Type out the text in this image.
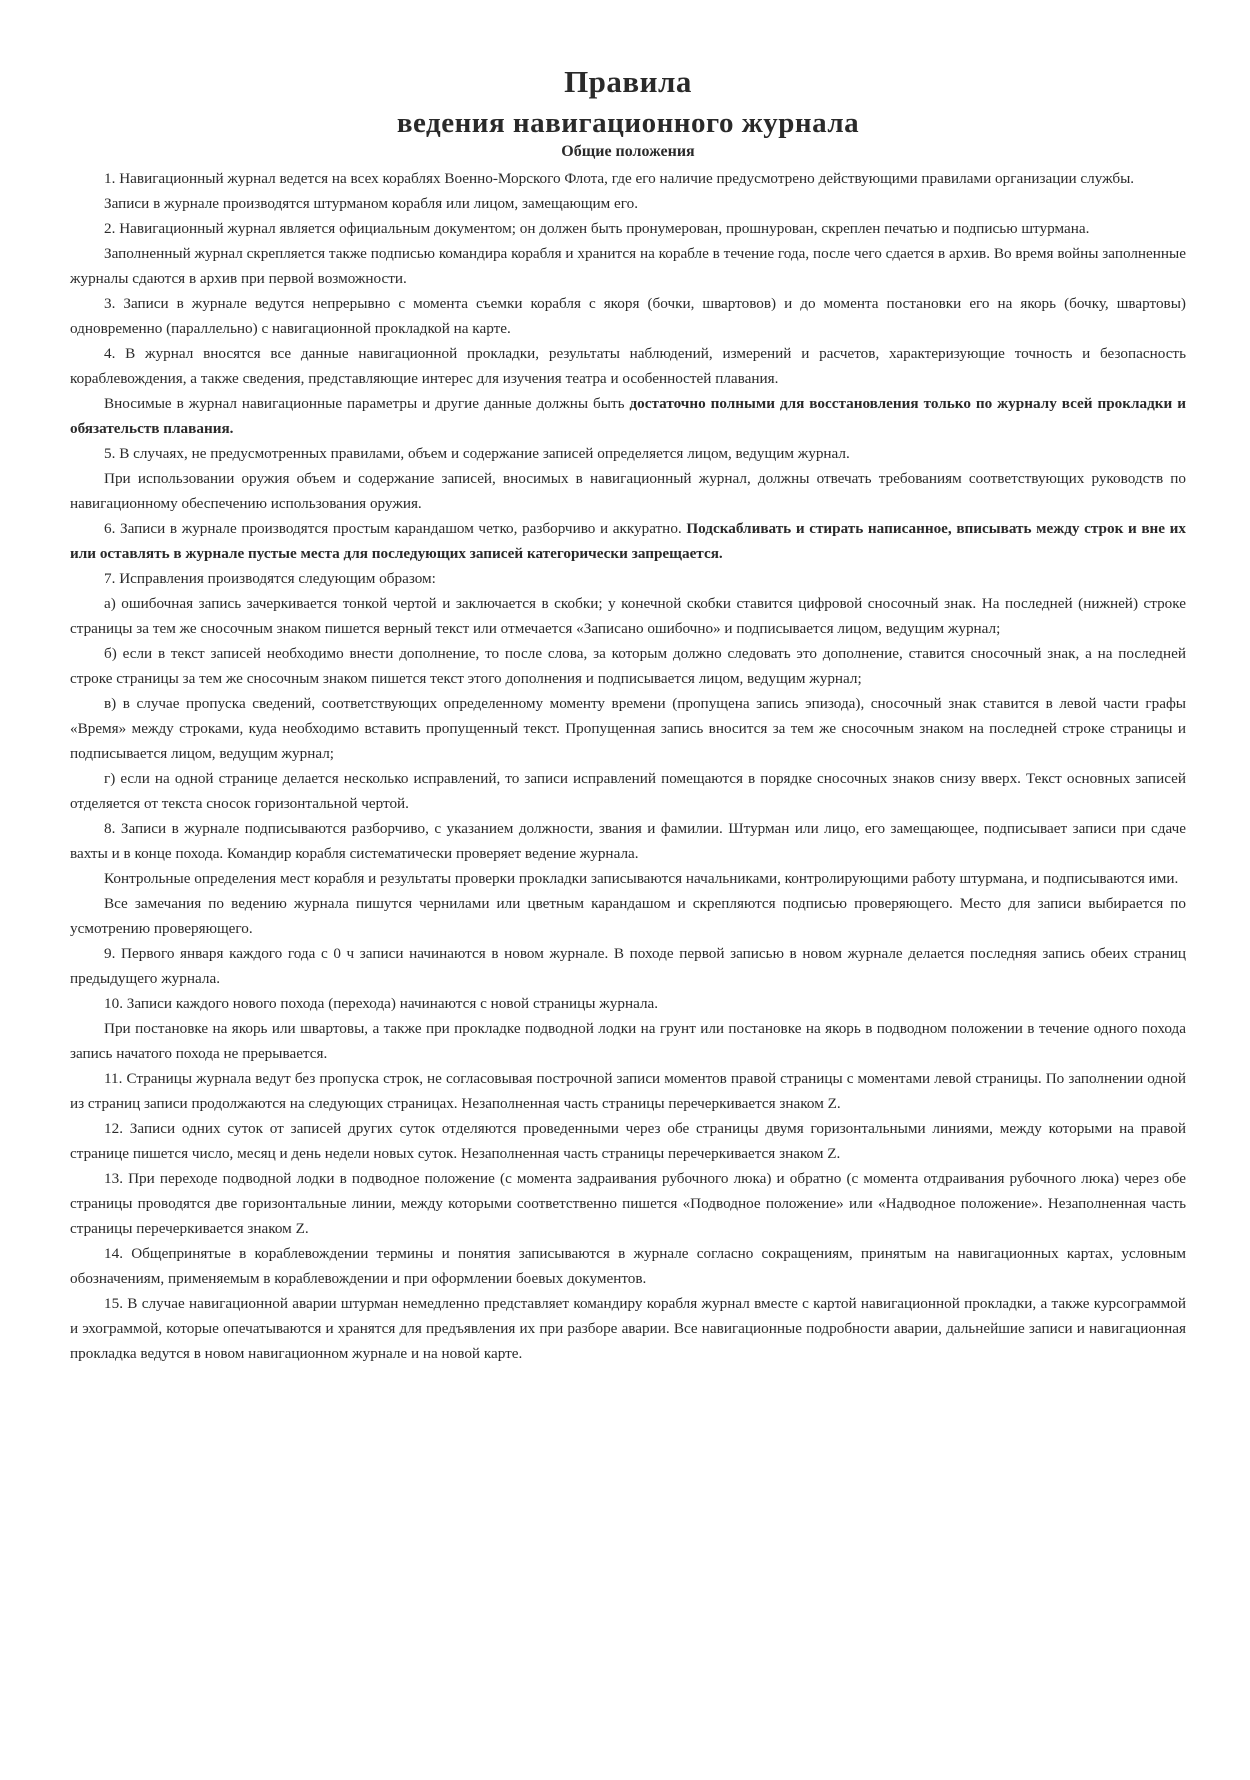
Правила
ведения навигационного журнала
Общие положения

1. Навигационный журнал ведется на всех кораблях Военно-Морского Флота, где его наличие предусмотрено действующими правилами организации службы.

Записи в журнале производятся штурманом корабля или лицом, замещающим его.

2. Навигационный журнал является официальным документом; он должен быть пронумерован, прошнурован, скреплен печатью и подписью штурмана.

Заполненный журнал скрепляется также подписью командира корабля и хранится на корабле в течение года, после чего сдается в архив. Во время войны заполненные журналы сдаются в архив при первой возможности.

3. Записи в журнале ведутся непрерывно с момента съемки корабля с якоря (бочки, швартовов) и до момента постановки его на якорь (бочку, швартовы) одновременно (параллельно) с навигационной прокладкой на карте.

4. В журнал вносятся все данные навигационной прокладки, результаты наблюдений, измерений и расчетов, характеризующие точность и безопасность кораблевождения, а также сведения, представляющие интерес для изучения театра и особенностей плавания.

Вносимые в журнал навигационные параметры и другие данные должны быть достаточно полными для восстановления только по журналу всей прокладки и обязательств плавания.

5. В случаях, не предусмотренных правилами, объем и содержание записей определяется лицом, ведущим журнал.

При использовании оружия объем и содержание записей, вносимых в навигационный журнал, должны отвечать требованиям соответствующих руководств по навигационному обеспечению использования оружия.

6. Записи в журнале производятся простым карандашом четко, разборчиво и аккуратно. Подскабливать и стирать написанное, вписывать между строк и вне их или оставлять в журнале пустые места для последующих записей категорически запрещается.

7. Исправления производятся следующим образом:

а) ошибочная запись зачеркивается тонкой чертой и заключается в скобки; у конечной скобки ставится цифровой сносочный знак. На последней (нижней) строке страницы за тем же сносочным знаком пишется верный текст или отмечается «Записано ошибочно» и подписывается лицом, ведущим журнал;

б) если в текст записей необходимо внести дополнение, то после слова, за которым должно следовать это дополнение, ставится сносочный знак, а на последней строке страницы за тем же сносочным знаком пишется текст этого дополнения и подписывается лицом, ведущим журнал;

в) в случае пропуска сведений, соответствующих определенному моменту времени (пропущена запись эпизода), сносочный знак ставится в левой части графы «Время» между строками, куда необходимо вставить пропущенный текст. Пропущенная запись вносится за тем же сносочным знаком на последней строке страницы и подписывается лицом, ведущим журнал;

г) если на одной странице делается несколько исправлений, то записи исправлений помещаются в порядке сносочных знаков снизу вверх. Текст основных записей отделяется от текста сносок горизонтальной чертой.

8. Записи в журнале подписываются разборчиво, с указанием должности, звания и фамилии. Штурман или лицо, его замещающее, подписывает записи при сдаче вахты и в конце похода. Командир корабля систематически проверяет ведение журнала.

Контрольные определения мест корабля и результаты проверки прокладки записываются начальниками, контролирующими работу штурмана, и подписываются ими.

Все замечания по ведению журнала пишутся чернилами или цветным карандашом и скрепляются подписью проверяющего. Место для записи выбирается по усмотрению проверяющего.

9. Первого января каждого года с 0 ч записи начинаются в новом журнале. В походе первой записью в новом журнале делается последняя запись обеих страниц предыдущего журнала.

10. Записи каждого нового похода (перехода) начинаются с новой страницы журнала.

При постановке на якорь или швартовы, а также при прокладке подводной лодки на грунт или постановке на якорь в подводном положении в течение одного похода запись начатого похода не прерывается.

11. Страницы журнала ведут без пропуска строк, не согласовывая построчной записи моментов правой страницы с моментами левой страницы. По заполнении одной из страниц записи продолжаются на следующих страницах. Незаполненная часть страницы перечеркивается знаком Z.

12. Записи одних суток от записей других суток отделяются проведенными через обе страницы двумя горизонтальными линиями, между которыми на правой странице пишется число, месяц и день недели новых суток. Незаполненная часть страницы перечеркивается знаком Z.

13. При переходе подводной лодки в подводное положение (с момента задраивания рубочного люка) и обратно (с момента отдраивания рубочного люка) через обе страницы проводятся две горизонтальные линии, между которыми соответственно пишется «Подводное положение» или «Надводное положение». Незаполненная часть страницы перечеркивается знаком Z.

14. Общепринятые в кораблевождении термины и понятия записываются в журнале согласно сокращениям, принятым на навигационных картах, условным обозначениям, применяемым в кораблевождении и при оформлении боевых документов.

15. В случае навигационной аварии штурман немедленно представляет командиру корабля журнал вместе с картой навигационной прокладки, а также курсограммой и эхограммой, которые опечатываются и хранятся для предъявления их при разборе аварии. Все навигационные подробности аварии, дальнейшие записи и навигационная прокладка ведутся в новом навигационном журнале и на новой карте.
